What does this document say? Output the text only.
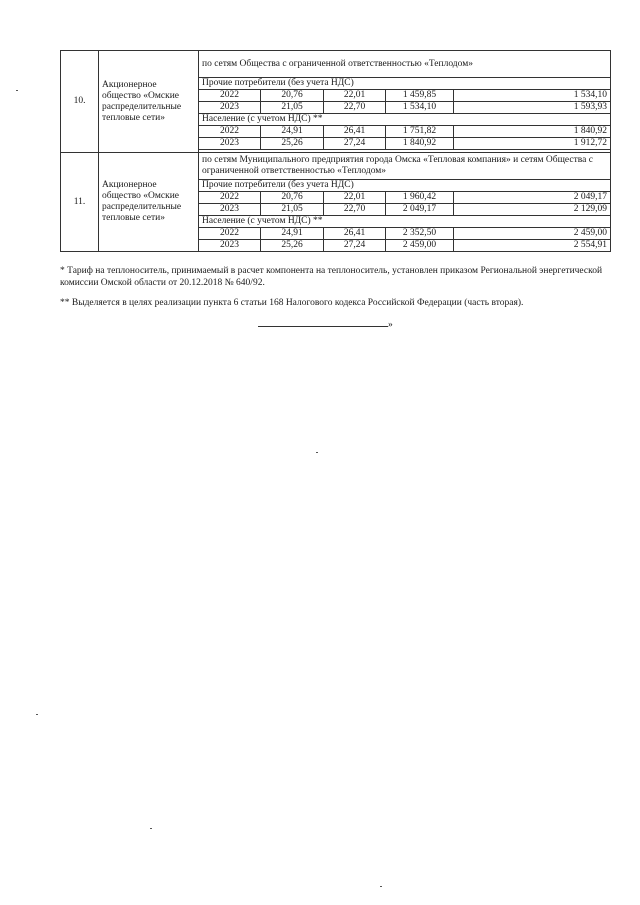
10.	Акционерное общество «Омские распределительные тепловые сети»	по сетям Общества с ограниченной ответственностью «Теплодом»				
		Прочие потребители (без учета НДС)				
		2022	20,76	22,01	1 459,85	1 534,10
		2023	21,05	22,70	1 534,10	1 593,93
		Население (с учетом НДС) **				
		2022	24,91	26,41	1 751,82	1 840,92
		2023	25,26	27,24	1 840,92	1 912,72

11.	Акционерное общество «Омские распределительные тепловые сети»	по сетям Муниципального предприятия города Омска «Тепловая компания» и сетям Общества с ограниченной ответственностью «Теплодом»				
		Прочие потребители (без учета НДС)				
		2022	20,76	22,01	1 960,42	2 049,17
		2023	21,05	22,70	2 049,17	2 129,09
		Население (с учетом НДС) **				
		2022	24,91	26,41	2 352,50	2 459,00
		2023	25,26	27,24	2 459,00	2 554,91

* Тариф на теплоноситель, принимаемый в расчет компонента на теплоноситель, установлен приказом Региональной энергетической комиссии Омской области от 20.12.2018 № 640/92.

** Выделяется в целях реализации пункта 6 статьи 168 Налогового кодекса Российской Федерации (часть вторая).

»
